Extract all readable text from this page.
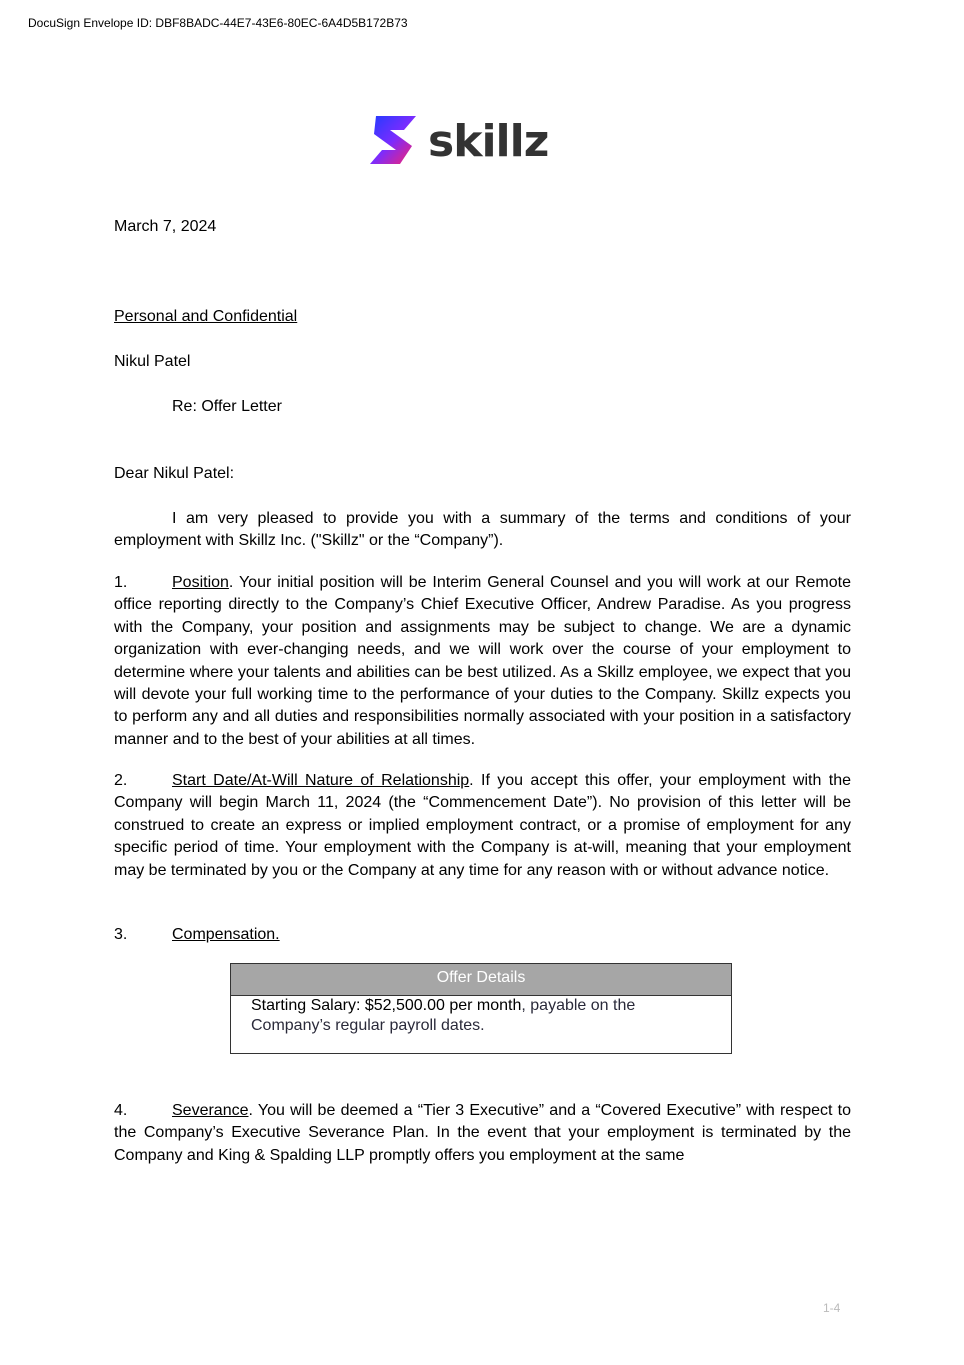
DocuSign Envelope ID: DBF8BADC-44E7-43E6-80EC-6A4D5B172B73
skillz
March 7, 2024
Personal and Confidential
Nikul Patel
Re: Offer Letter
Dear Nikul Patel:

I am very pleased to provide you with a summary of the terms and conditions of your employment with Skillz Inc. ("Skillz" or the “Company”).

1.	Position. Your initial position will be Interim General Counsel and you will work at our Remote office reporting directly to the Company’s Chief Executive Officer, Andrew Paradise. As you progress with the Company, your position and assignments may be subject to change. We are a dynamic organization with ever-changing needs, and we will work over the course of your employment to determine where your talents and abilities can be best utilized. As a Skillz employee, we expect that you will devote your full working time to the performance of your duties to the Company. Skillz expects you to perform any and all duties and responsibilities normally associated with your position in a satisfactory manner and to the best of your abilities at all times.

2.	Start Date/At-Will Nature of Relationship. If you accept this offer, your employment with the Company will begin March 11, 2024 (the “Commencement Date”). No provision of this letter will be construed to create an express or implied employment contract, or a promise of employment for any specific period of time. Your employment with the Company is at-will, meaning that your employment may be terminated by you or the Company at any time for any reason with or without advance notice.

3.	Compensation.

Offer Details
Starting Salary: $52,500.00 per month, payable on the Company’s regular payroll dates.

4.	Severance. You will be deemed a “Tier 3 Executive” and a “Covered Executive” with respect to the Company’s Executive Severance Plan. In the event that your employment is terminated by the Company and King & Spalding LLP promptly offers you employment at the same

1-4
